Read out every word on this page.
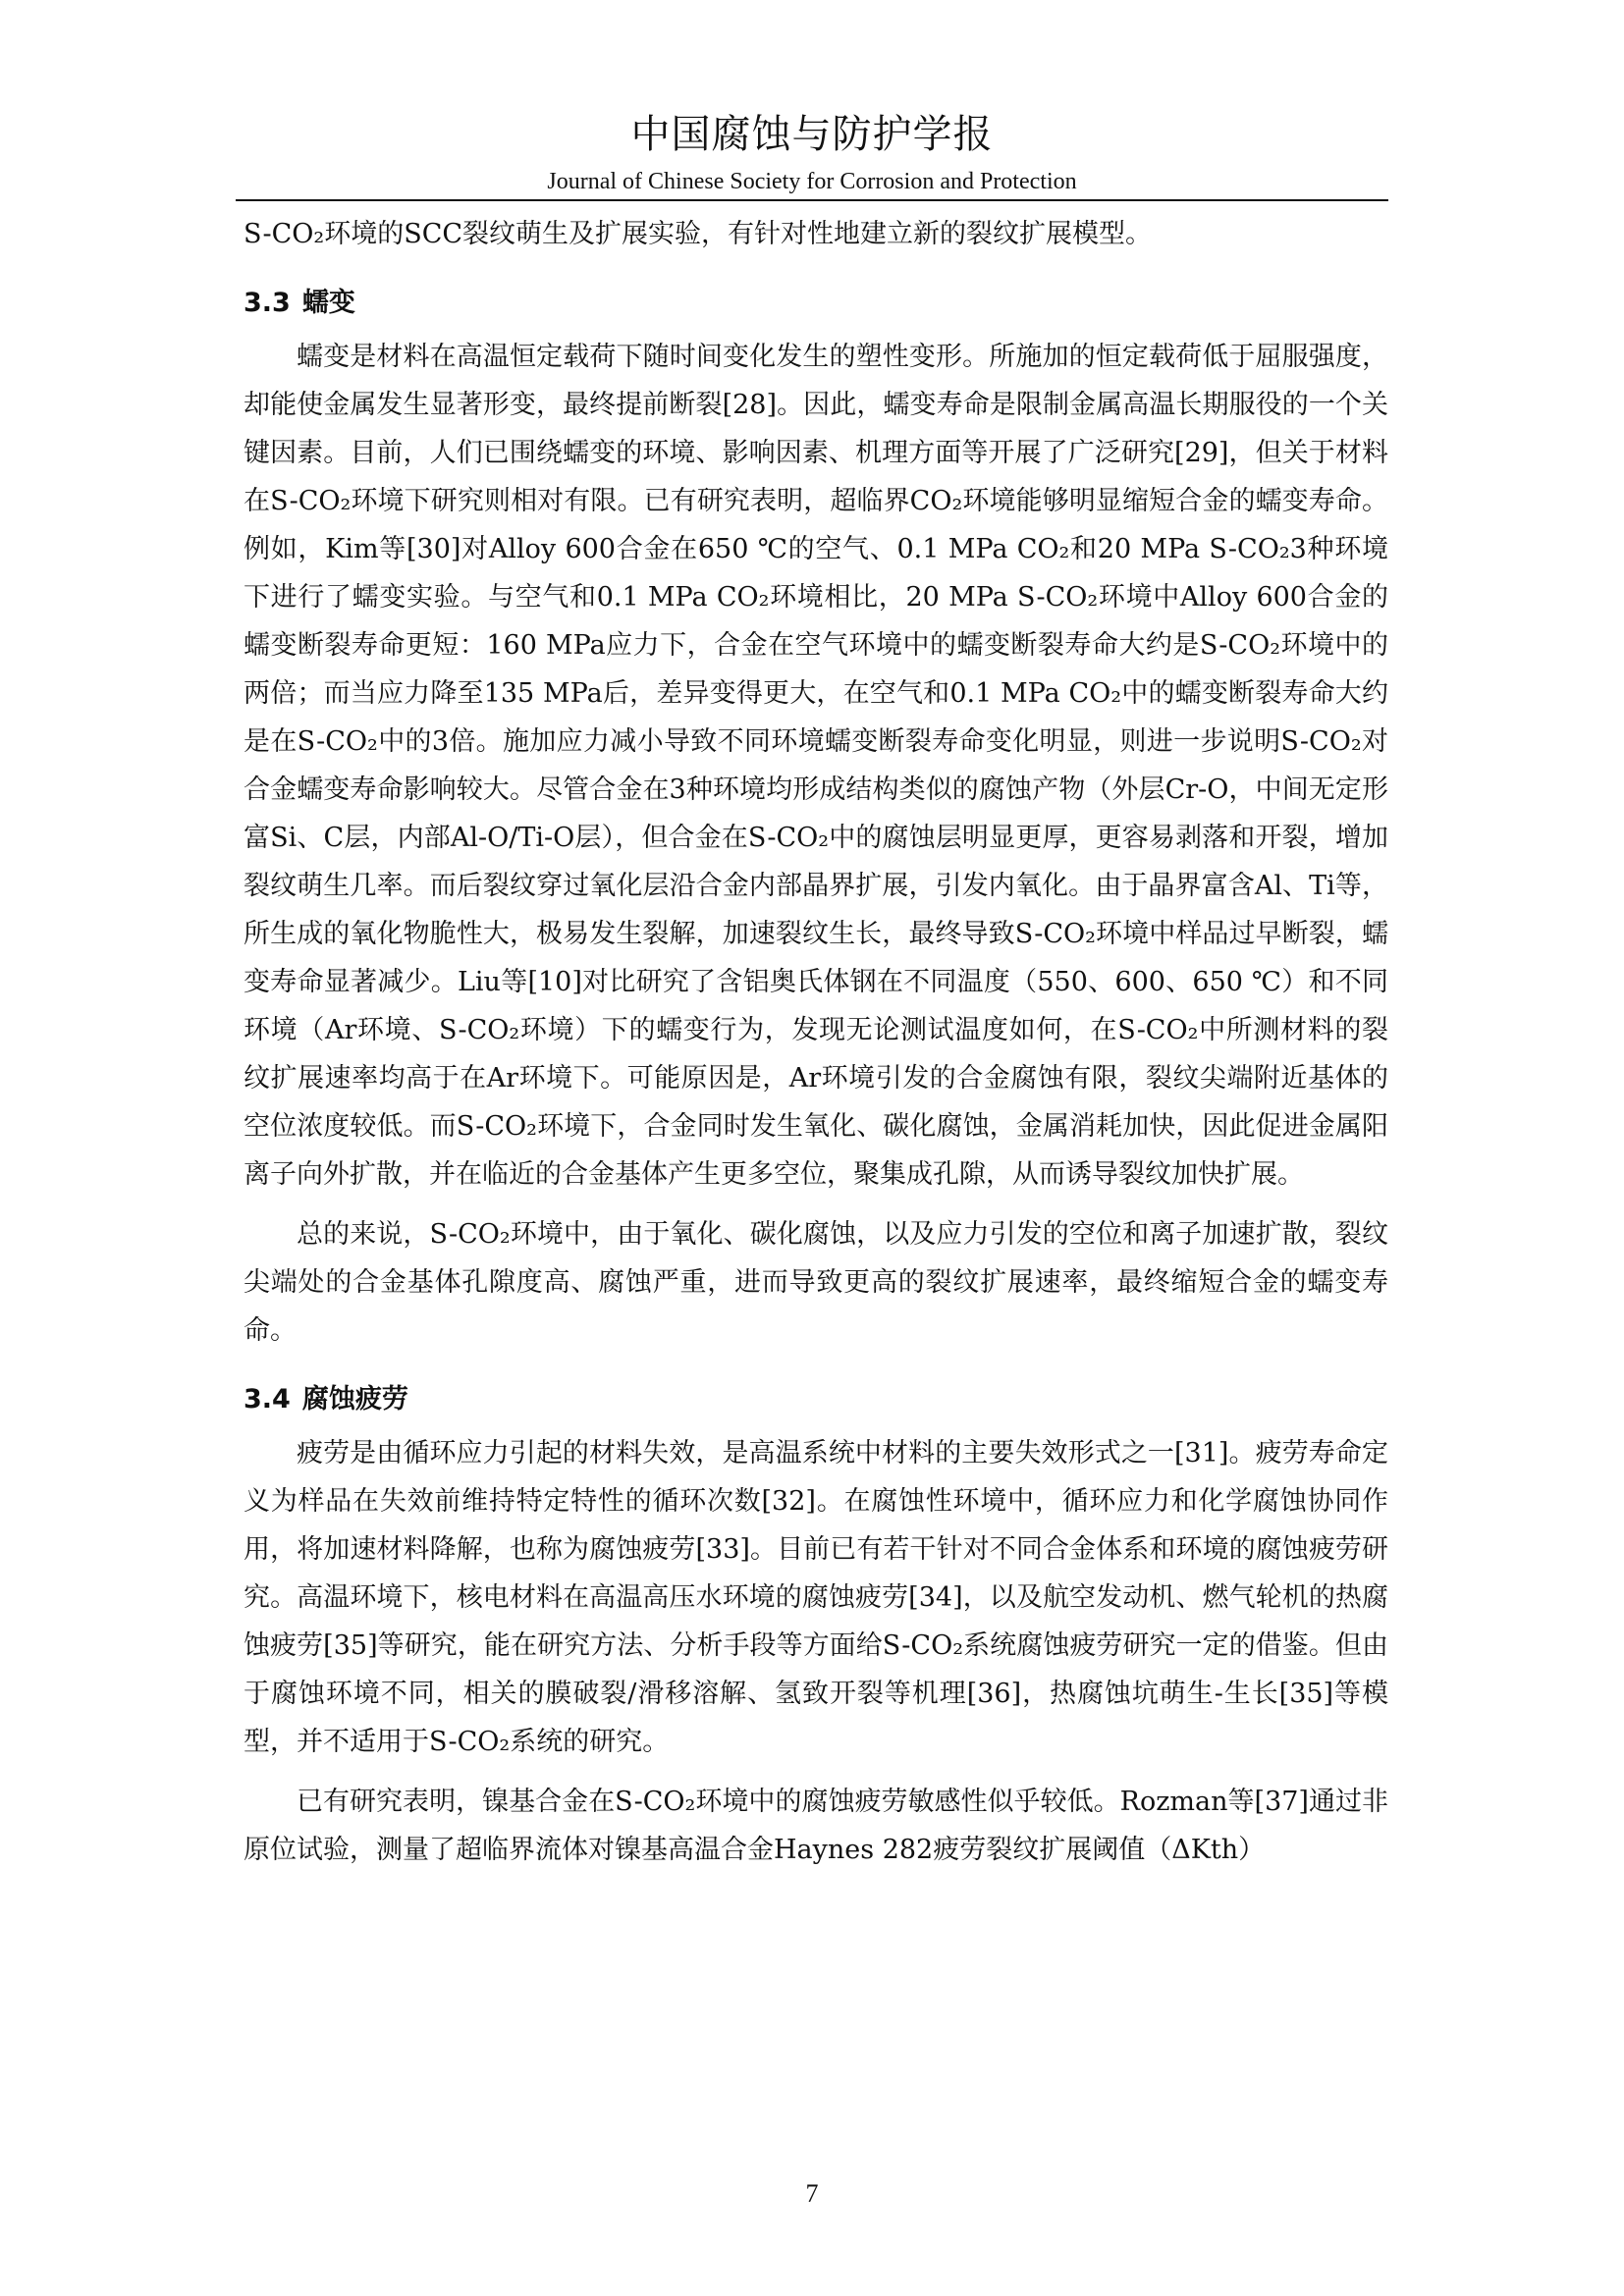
中国腐蚀与防护学报
Journal of Chinese Society for Corrosion and Protection

S-CO₂环境的SCC裂纹萌生及扩展实验，有针对性地建立新的裂纹扩展模型。

3.3 蠕变

蠕变是材料在高温恒定载荷下随时间变化发生的塑性变形。所施加的恒定载荷低于屈服强度，却能使金属发生显著形变，最终提前断裂[28]。因此，蠕变寿命是限制金属高温长期服役的一个关键因素。目前，人们已围绕蠕变的环境、影响因素、机理方面等开展了广泛研究[29]，但关于材料在S-CO₂环境下研究则相对有限。已有研究表明，超临界CO₂环境能够明显缩短合金的蠕变寿命。例如，Kim等[30]对Alloy 600合金在650 ℃的空气、0.1 MPa CO₂和20 MPa S-CO₂3种环境下进行了蠕变实验。与空气和0.1 MPa CO₂环境相比，20 MPa S-CO₂环境中Alloy 600合金的蠕变断裂寿命更短：160 MPa应力下，合金在空气环境中的蠕变断裂寿命大约是S-CO₂环境中的两倍；而当应力降至135 MPa后，差异变得更大，在空气和0.1 MPa CO₂中的蠕变断裂寿命大约是在S-CO₂中的3倍。施加应力减小导致不同环境蠕变断裂寿命变化明显，则进一步说明S-CO₂对合金蠕变寿命影响较大。尽管合金在3种环境均形成结构类似的腐蚀产物（外层Cr-O，中间无定形富Si、C层，内部Al-O/Ti-O层），但合金在S-CO₂中的腐蚀层明显更厚，更容易剥落和开裂，增加裂纹萌生几率。而后裂纹穿过氧化层沿合金内部晶界扩展，引发内氧化。由于晶界富含Al、Ti等，所生成的氧化物脆性大，极易发生裂解，加速裂纹生长，最终导致S-CO₂环境中样品过早断裂，蠕变寿命显著减少。Liu等[10]对比研究了含铝奥氏体钢在不同温度（550、600、650 ℃）和不同环境（Ar环境、S-CO₂环境）下的蠕变行为，发现无论测试温度如何，在S-CO₂中所测材料的裂纹扩展速率均高于在Ar环境下。可能原因是，Ar环境引发的合金腐蚀有限，裂纹尖端附近基体的空位浓度较低。而S-CO₂环境下，合金同时发生氧化、碳化腐蚀，金属消耗加快，因此促进金属阳离子向外扩散，并在临近的合金基体产生更多空位，聚集成孔隙，从而诱导裂纹加快扩展。

总的来说，S-CO₂环境中，由于氧化、碳化腐蚀，以及应力引发的空位和离子加速扩散，裂纹尖端处的合金基体孔隙度高、腐蚀严重，进而导致更高的裂纹扩展速率，最终缩短合金的蠕变寿命。

3.4 腐蚀疲劳

疲劳是由循环应力引起的材料失效，是高温系统中材料的主要失效形式之一[31]。疲劳寿命定义为样品在失效前维持特定特性的循环次数[32]。在腐蚀性环境中，循环应力和化学腐蚀协同作用，将加速材料降解，也称为腐蚀疲劳[33]。目前已有若干针对不同合金体系和环境的腐蚀疲劳研究。高温环境下，核电材料在高温高压水环境的腐蚀疲劳[34]，以及航空发动机、燃气轮机的热腐蚀疲劳[35]等研究，能在研究方法、分析手段等方面给S-CO₂系统腐蚀疲劳研究一定的借鉴。但由于腐蚀环境不同，相关的膜破裂/滑移溶解、氢致开裂等机理[36]，热腐蚀坑萌生-生长[35]等模型，并不适用于S-CO₂系统的研究。

已有研究表明，镍基合金在S-CO₂环境中的腐蚀疲劳敏感性似乎较低。Rozman等[37]通过非原位试验，测量了超临界流体对镍基高温合金Haynes 282疲劳裂纹扩展阈值（ΔKth）

7
